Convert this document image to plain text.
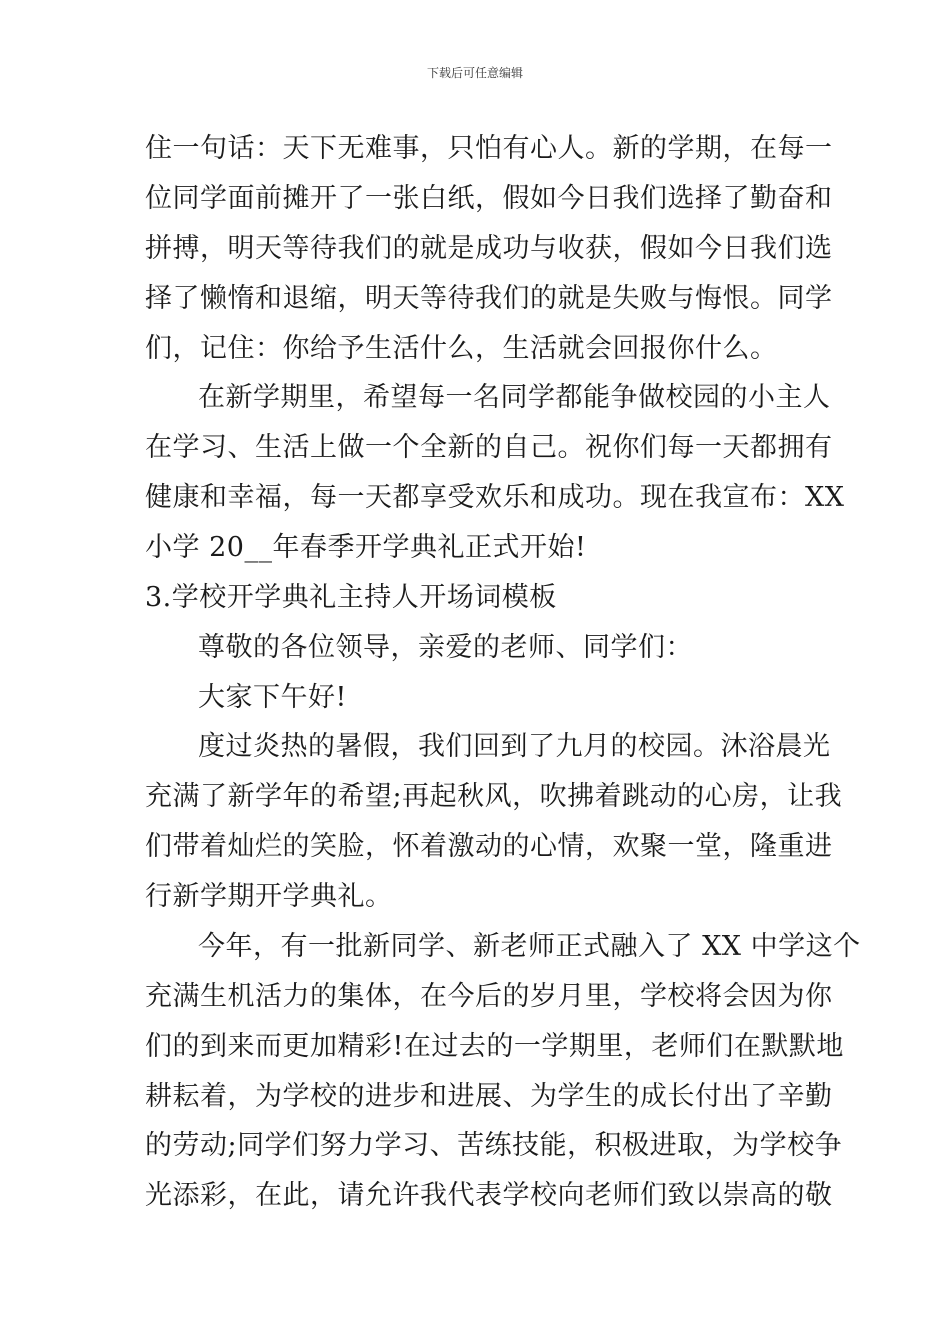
下载后可任意编辑
住一句话：天下无难事，只怕有心人。新的学期，在每一
位同学面前摊开了一张白纸，假如今日我们选择了勤奋和
拼搏，明天等待我们的就是成功与收获，假如今日我们选
择了懒惰和退缩，明天等待我们的就是失败与悔恨。同学
们，记住：你给予生活什么，生活就会回报你什么。
在新学期里，希望每一名同学都能争做校园的小主人
在学习、生活上做一个全新的自己。祝你们每一天都拥有
健康和幸福，每一天都享受欢乐和成功。现在我宣布：XX
小学 20__年春季开学典礼正式开始!
3.学校开学典礼主持人开场词模板
尊敬的各位领导，亲爱的老师、同学们：
大家下午好!
度过炎热的暑假，我们回到了九月的校园。沐浴晨光
充满了新学年的希望;再起秋风，吹拂着跳动的心房，让我
们带着灿烂的笑脸，怀着激动的心情，欢聚一堂，隆重进
行新学期开学典礼。
今年，有一批新同学、新老师正式融入了 XX 中学这个
充满生机活力的集体，在今后的岁月里，学校将会因为你
们的到来而更加精彩!在过去的一学期里，老师们在默默地
耕耘着，为学校的进步和进展、为学生的成长付出了辛勤
的劳动;同学们努力学习、苦练技能，积极进取，为学校争
光添彩，在此，请允许我代表学校向老师们致以崇高的敬
